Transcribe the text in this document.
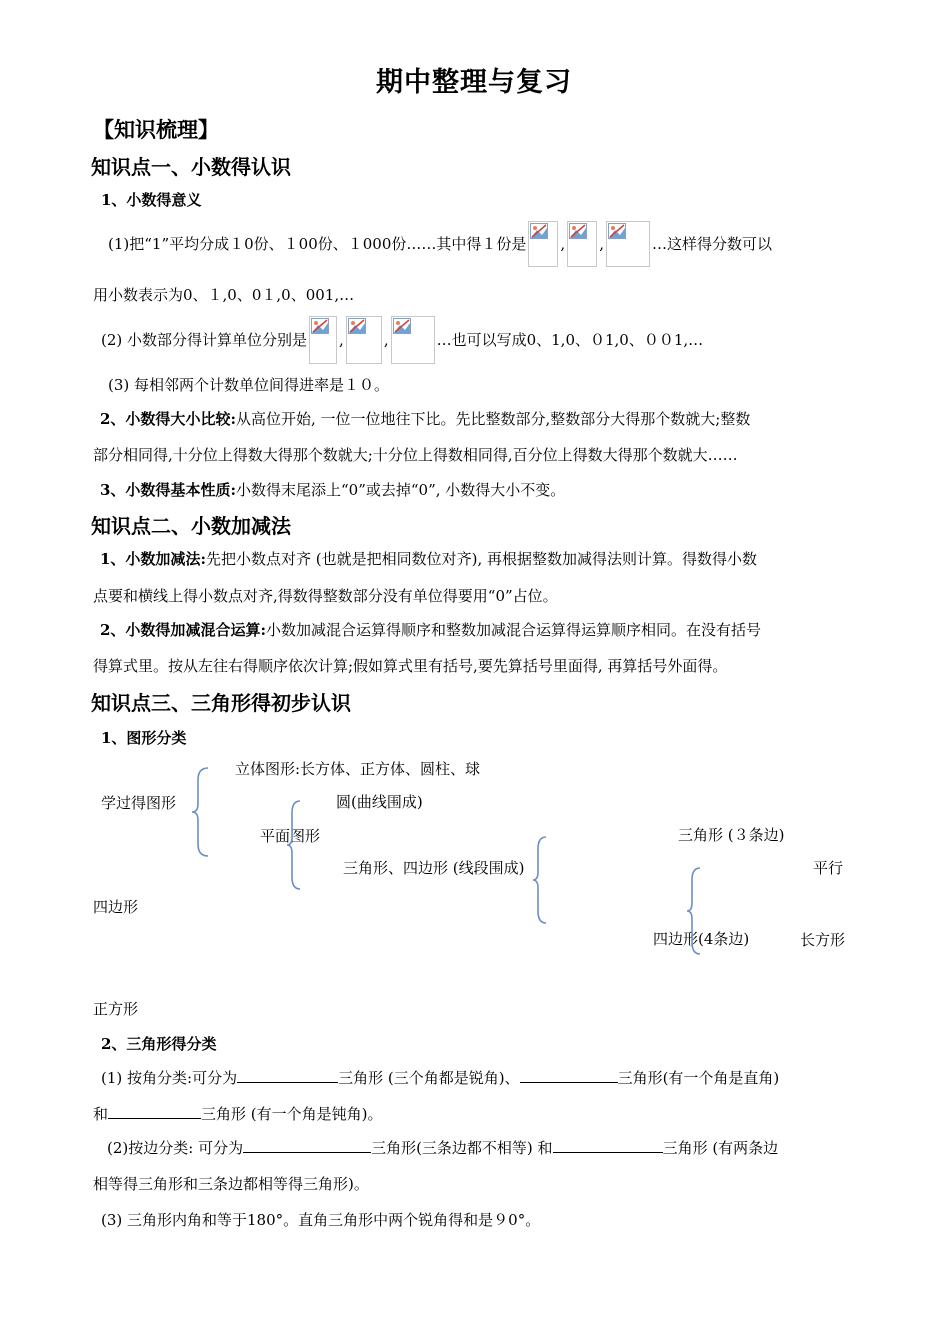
期中整理与复习
【知识梳理】
知识点一、小数得认识
1、小数得意义
(1)把“1”平均分成１0份、１00份、１000份……其中得１份是 , ,	…这样得分数可以
用小数表示为0、１,0、0１,0、001,…
(2) 小数部分得计算单位分别是 ,	,	…也可以写成0、1,0、０1,0、００1,…
(3) 每相邻两个计数单位间得进率是１０。
2、小数得大小比较:从高位开始, 一位一位地往下比。先比整数部分,整数部分大得那个数就大;整数
部分相同得,十分位上得数大得那个数就大;十分位上得数相同得,百分位上得数大得那个数就大……
3、小数得基本性质:小数得末尾添上“0”或去掉“0”, 小数得大小不变。
知识点二、小数加减法
1、小数加减法:先把小数点对齐 (也就是把相同数位对齐), 再根据整数加减得法则计算。得数得小数
点要和横线上得小数点对齐,得数得整数部分没有单位得要用“0”占位。
2、小数得加减混合运算:小数加减混合运算得顺序和整数加减混合运算得运算顺序相同。在没有括号
得算式里。按从左往右得顺序依次计算;假如算式里有括号,要先算括号里面得, 再算括号外面得。
知识点三、三角形得初步认识
1、图形分类
立体图形:长方体、正方体、圆柱、球
学过得图形	圆(曲线围成)
平面图形	三角形 (３条边)
三角形、四边形 (线段围成)	平行
四边形
四边形(4条边)	长方形
正方形
2、三角形得分类
(1) 按角分类:可分为	三角形 (三个角都是锐角)、	三角形(有一个角是直角)
和	三角形 (有一个角是钝角)。
(2)按边分类: 可分为	三角形(三条边都不相等) 和	三角形 (有两条边
相等得三角形和三条边都相等得三角形)。
(3) 三角形内角和等于180°。直角三角形中两个锐角得和是９0°。
